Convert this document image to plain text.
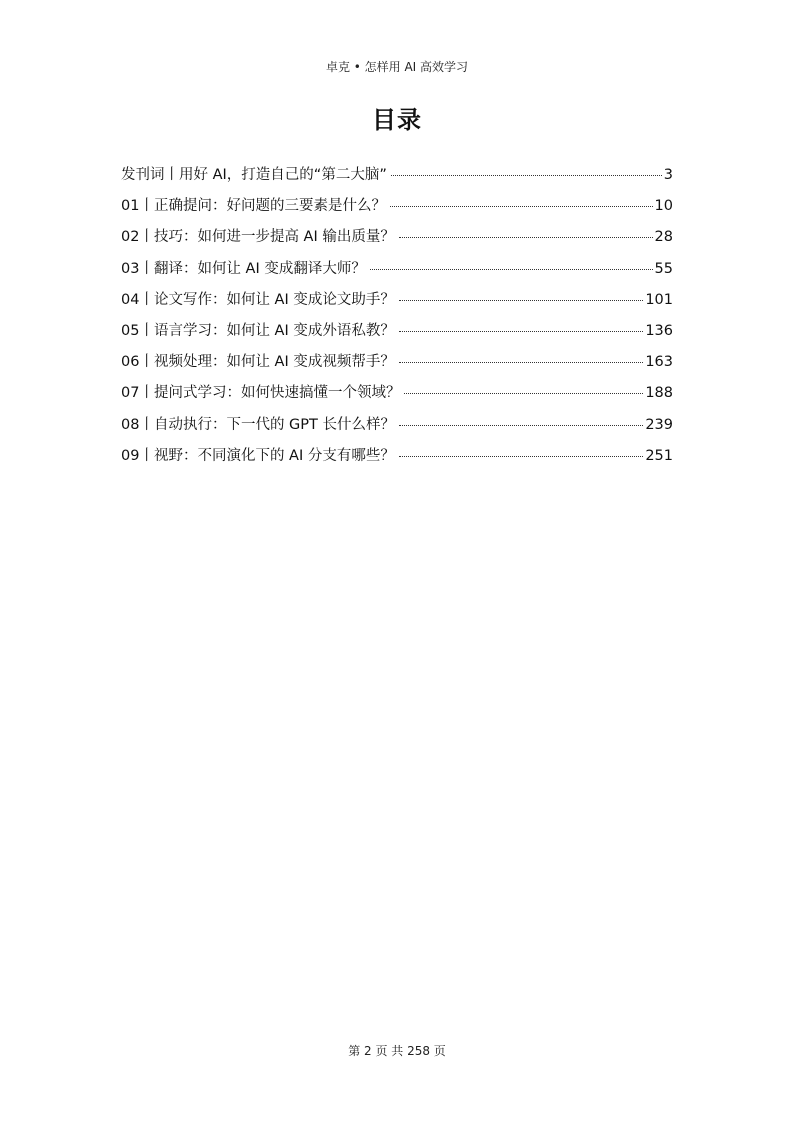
卓克 • 怎样用 AI 高效学习
目录
发刊词丨用好 AI，打造自己的“第二大脑”	3
01丨正确提问：好问题的三要素是什么？	10
02丨技巧：如何进一步提高 AI 输出质量？	28
03丨翻译：如何让 AI 变成翻译大师？	55
04丨论文写作：如何让 AI 变成论文助手？	101
05丨语言学习：如何让 AI 变成外语私教？	136
06丨视频处理：如何让 AI 变成视频帮手？	163
07丨提问式学习：如何快速搞懂一个领域？	188
08丨自动执行：下一代的 GPT 长什么样？	239
09丨视野：不同演化下的 AI 分支有哪些？	251
第 2 页 共 258 页
